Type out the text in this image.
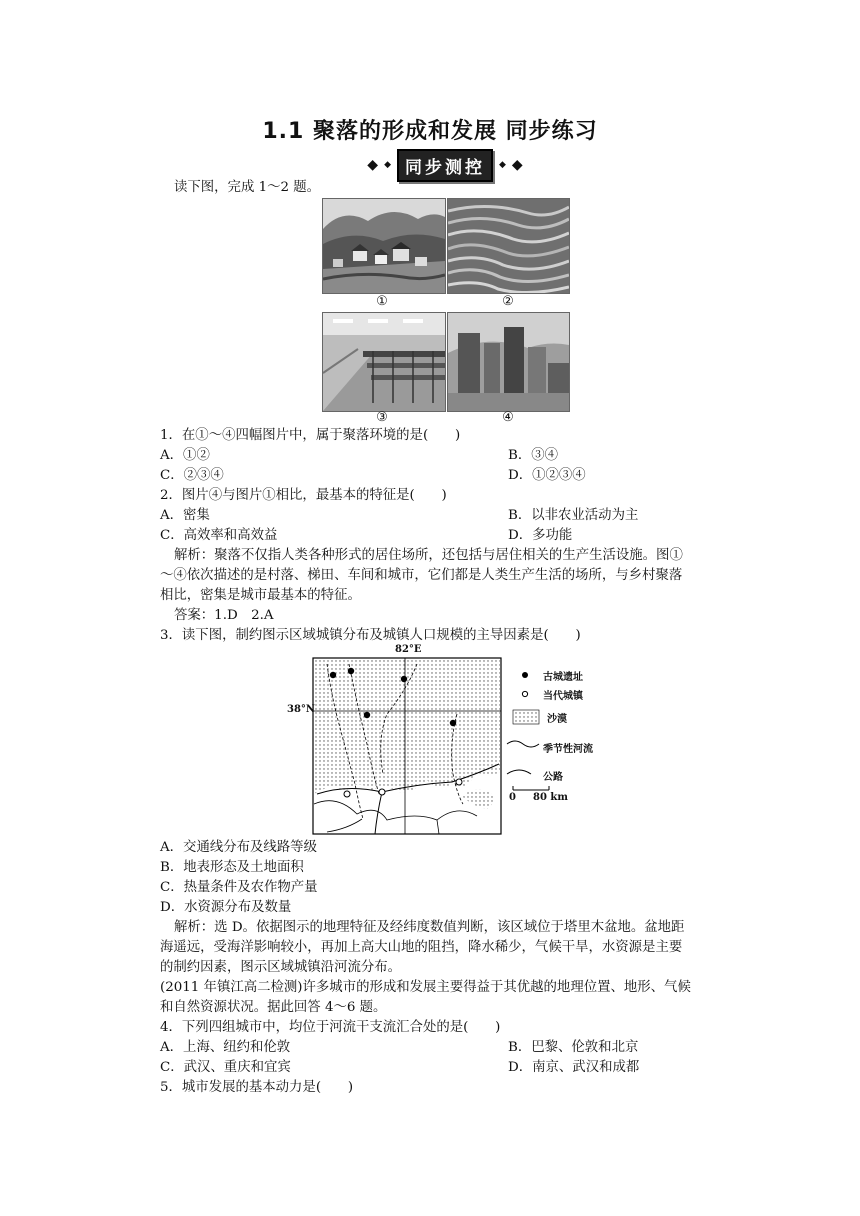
1.1 聚落的形成和发展 同步练习
◆ ◆ 同步测控	◆ ◆
读下图，完成 1～2 题。
①	②
③	④
1．在①～④四幅图片中，属于聚落环境的是(　　)
A．①②	B．③④
C．②③④	D．①②③④
2．图片④与图片①相比，最基本的特征是(　　)
A．密集	B．以非农业活动为主
C．高效率和高效益	D．多功能
解析：聚落不仅指人类各种形式的居住场所，还包括与居住相关的生产生活设施。图①～④依次描述的是村落、梯田、车间和城市，它们都是人类生产生活的场所，与乡村聚落相比，密集是城市最基本的特征。
答案：1.D　2.A
3．读下图，制约图示区域城镇分布及城镇人口规模的主导因素是(　　)
82°E
38°N
古城遗址
当代城镇
沙漠
季节性河流
公路
0 80 km
A．交通线分布及线路等级
B．地表形态及土地面积
C．热量条件及农作物产量
D．水资源分布及数量
解析：选 D。依据图示的地理特征及经纬度数值判断，该区域位于塔里木盆地。盆地距海遥远，受海洋影响较小，再加上高大山地的阻挡，降水稀少，气候干旱，水资源是主要的制约因素，图示区域城镇沿河流分布。
(2011 年镇江高二检测)许多城市的形成和发展主要得益于其优越的地理位置、地形、气候和自然资源状况。据此回答 4～6 题。
4．下列四组城市中，均位于河流干支流汇合处的是(　　)
A．上海、纽约和伦敦	B．巴黎、伦敦和北京
C．武汉、重庆和宜宾	D．南京、武汉和成都
5．城市发展的基本动力是(　　)
